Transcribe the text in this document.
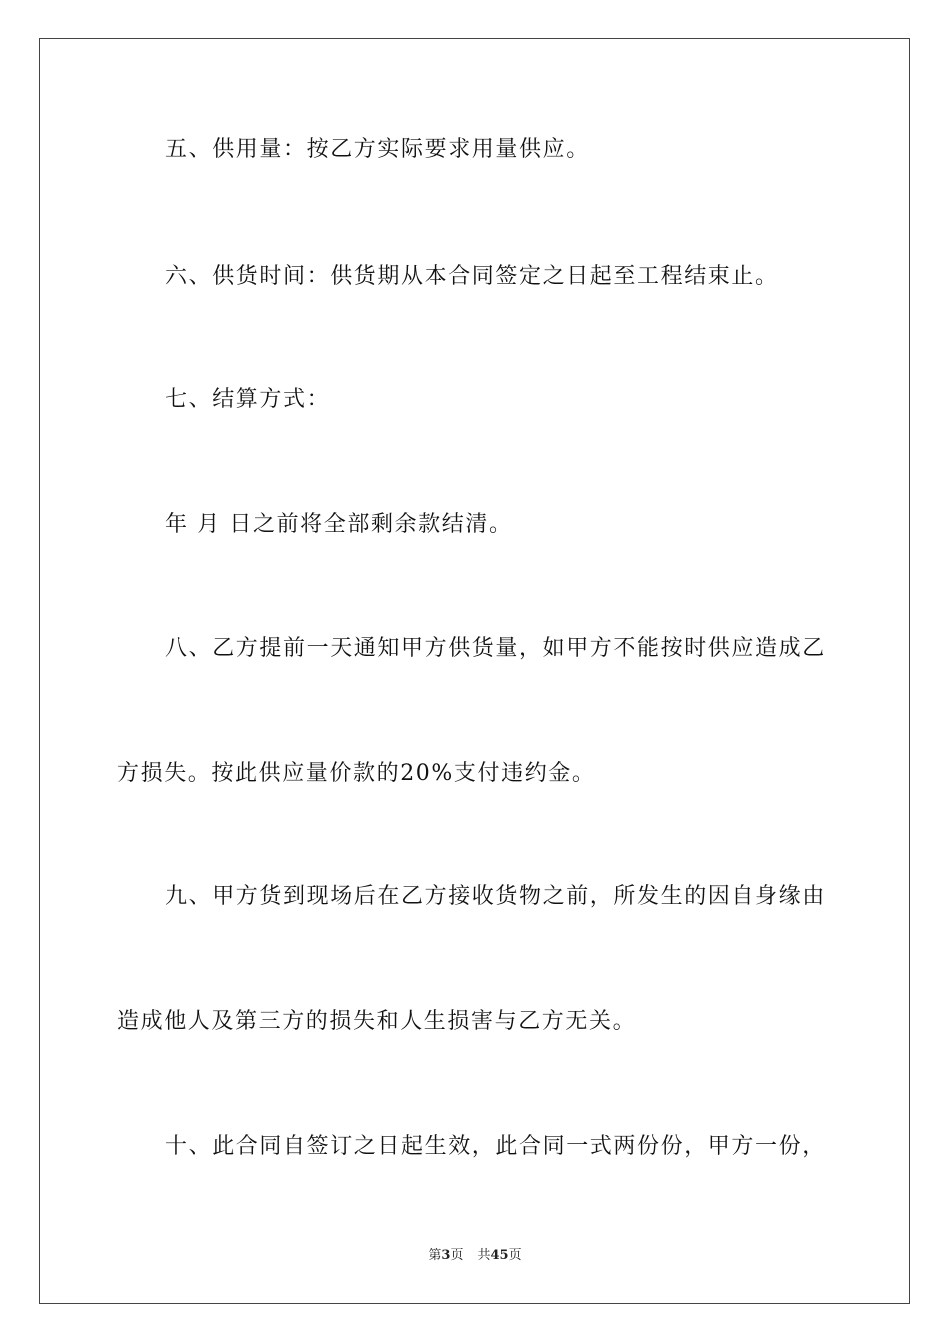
五、供用量：按乙方实际要求用量供应。
六、供货时间：供货期从本合同签定之日起至工程结束止。
七、结算方式：
年 月 日之前将全部剩余款结清。
八、乙方提前一天通知甲方供货量，如甲方不能按时供应造成乙
方损失。按此供应量价款的20%支付违约金。
九、甲方货到现场后在乙方接收货物之前，所发生的因自身缘由
造成他人及第三方的损失和人生损害与乙方无关。
十、此合同自签订之日起生效，此合同一式两份份，甲方一份，
第3页 共45页
